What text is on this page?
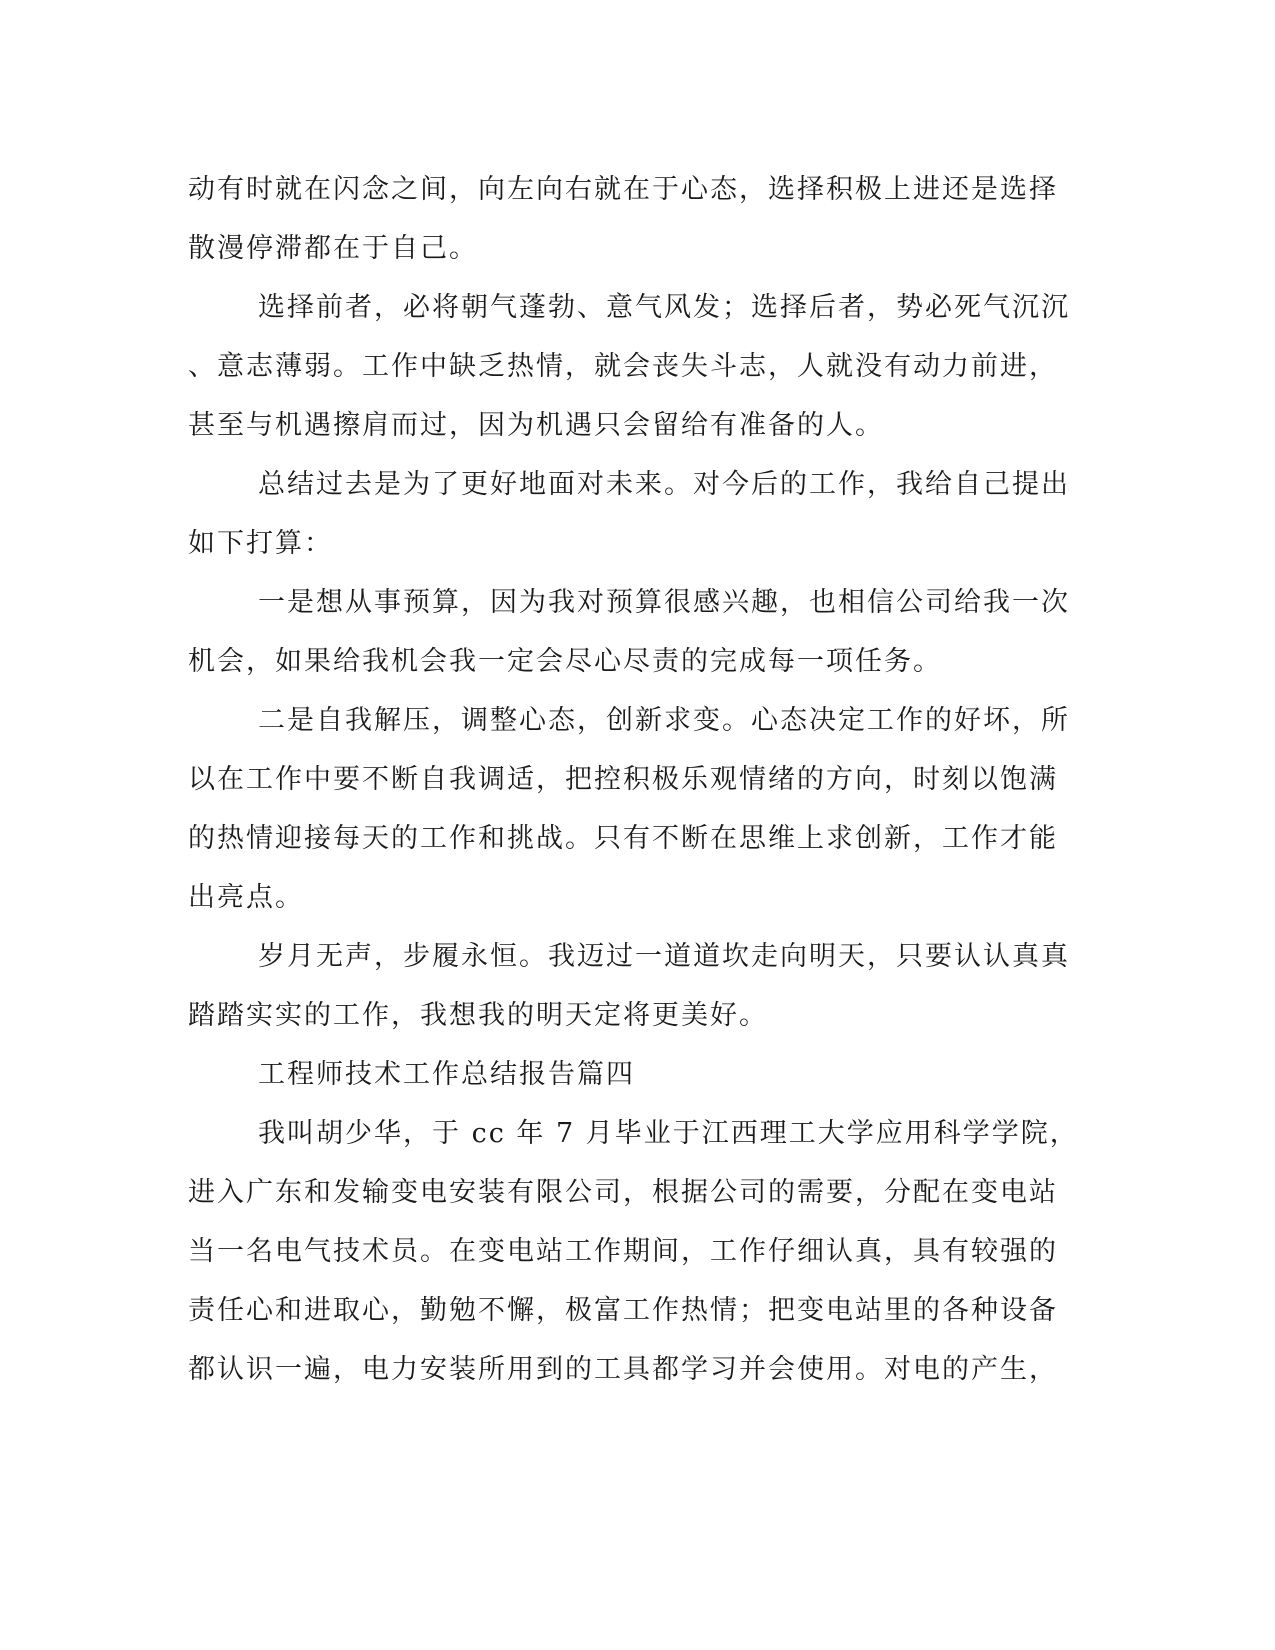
动有时就在闪念之间，向左向右就在于心态，选择积极上进还是选择
散漫停滞都在于自己。

选择前者，必将朝气蓬勃、意气风发；选择后者，势必死气沉沉
、意志薄弱。工作中缺乏热情，就会丧失斗志，人就没有动力前进，
甚至与机遇擦肩而过，因为机遇只会留给有准备的人。

总结过去是为了更好地面对未来。对今后的工作，我给自己提出
如下打算：

一是想从事预算，因为我对预算很感兴趣，也相信公司给我一次
机会，如果给我机会我一定会尽心尽责的完成每一项任务。

二是自我解压，调整心态，创新求变。心态决定工作的好坏，所
以在工作中要不断自我调适，把控积极乐观情绪的方向，时刻以饱满
的热情迎接每天的工作和挑战。只有不断在思维上求创新，工作才能
出亮点。

岁月无声，步履永恒。我迈过一道道坎走向明天，只要认认真真
踏踏实实的工作，我想我的明天定将更美好。

工程师技术工作总结报告篇四

我叫胡少华，于 cc 年 7 月毕业于江西理工大学应用科学学院，
进入广东和发输变电安装有限公司，根据公司的需要，分配在变电站
当一名电气技术员。在变电站工作期间，工作仔细认真，具有较强的
责任心和进取心，勤勉不懈，极富工作热情；把变电站里的各种设备
都认识一遍，电力安装所用到的工具都学习并会使用。对电的产生，
